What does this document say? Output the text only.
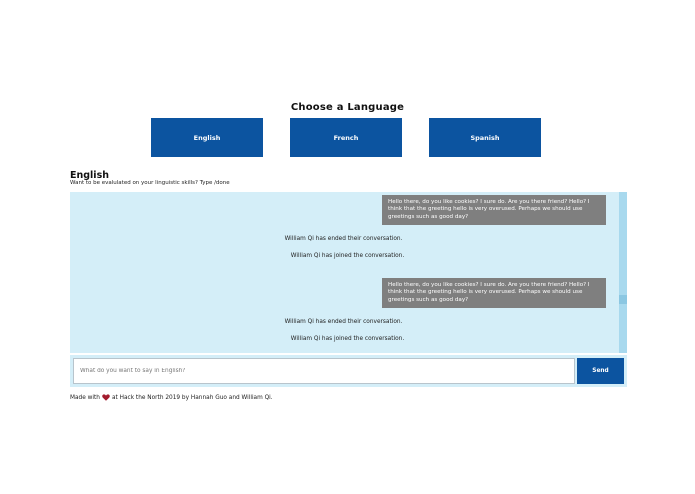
Choose a Language
English	French	Spanish
English
Want to be evalulated on your linguistic skills? Type /done
Hello there, do you like cookies? I sure do. Are you there friend? Hello? I think that the greeting hello is very overused. Perhaps we should use greetings such as good day?
William Qi has ended their conversation.
William Qi has joined the conversation.
Hello there, do you like cookies? I sure do. Are you there friend? Hello? I think that the greeting hello is very overused. Perhaps we should use greetings such as good day?
William Qi has ended their conversation.
William Qi has joined the conversation.
What do you want to say in English?
Send
Made with at Hack the North 2019 by Hannah Guo and William Qi.
